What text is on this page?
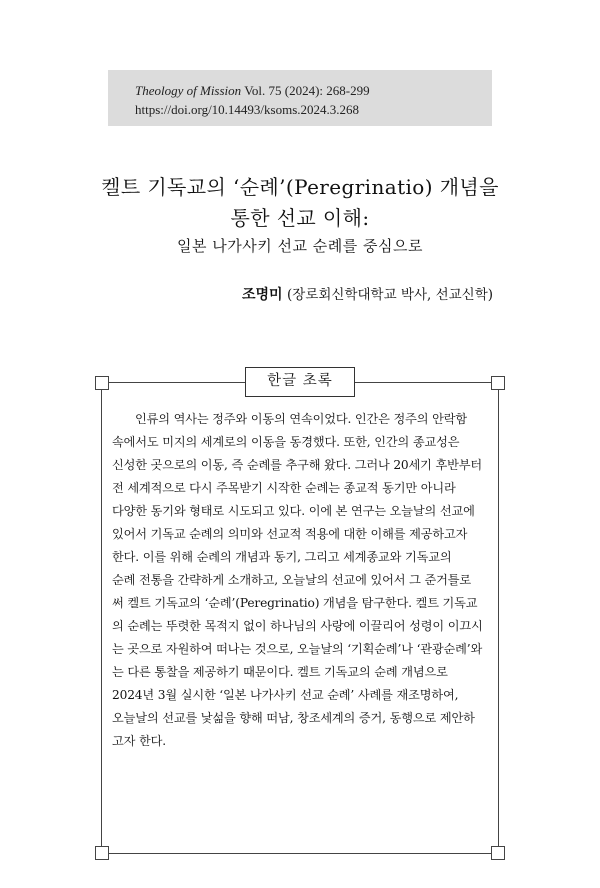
Theology of Mission Vol. 75 (2024): 268-299
https://doi.org/10.14493/ksoms.2024.3.268
켈트 기독교의 ‘순례’(Peregrinatio) 개념을
통한 선교 이해:
일본 나가사키 선교 순례를 중심으로
조명미 (장로회신학대학교 박사, 선교신학)
한글 초록
인류의 역사는 정주와 이동의 연속이었다. 인간은 정주의 안락함
속에서도 미지의 세계로의 이동을 동경했다. 또한, 인간의 종교성은
신성한 곳으로의 이동, 즉 순례를 추구해 왔다. 그러나 20세기 후반부터
전 세계적으로 다시 주목받기 시작한 순례는 종교적 동기만 아니라
다양한 동기와 형태로 시도되고 있다. 이에 본 연구는 오늘날의 선교에
있어서 기독교 순례의 의미와 선교적 적용에 대한 이해를 제공하고자
한다. 이를 위해 순례의 개념과 동기, 그리고 세계종교와 기독교의
순례 전통을 간략하게 소개하고, 오늘날의 선교에 있어서 그 준거틀로
써 켈트 기독교의 ‘순례’(Peregrinatio) 개념을 탐구한다. 켈트 기독교
의 순례는 뚜렷한 목적지 없이 하나님의 사랑에 이끌리어 성령이 이끄시
는 곳으로 자원하여 떠나는 것으로, 오늘날의 ‘기획순례’나 ‘관광순례’와
는 다른 통찰을 제공하기 때문이다. 켈트 기독교의 순례 개념으로
2024년 3월 실시한 ‘일본 나가사키 선교 순례’ 사례를 재조명하여,
오늘날의 선교를 낯섦을 향해 떠남, 창조세계의 증거, 동행으로 제안하
고자 한다.
